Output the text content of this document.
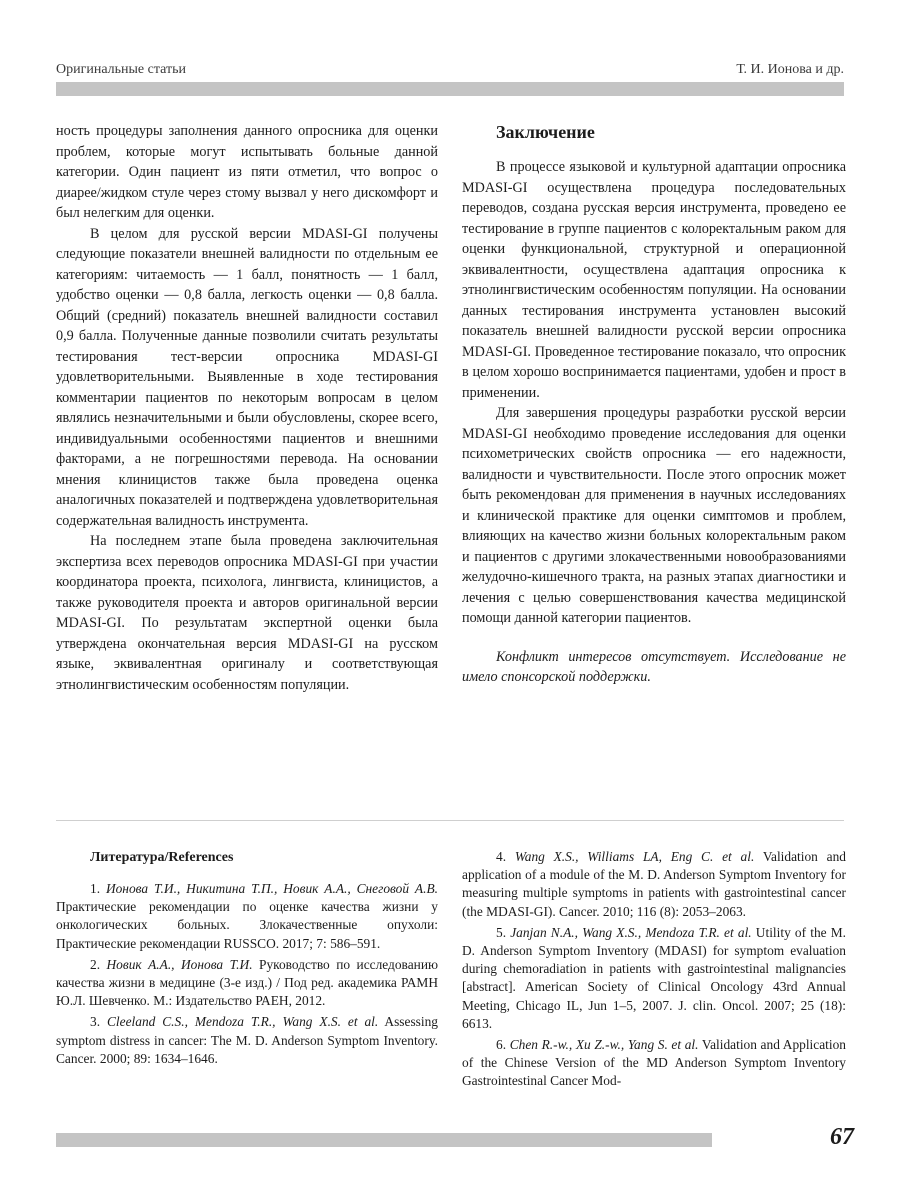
Оригинальные статьи	Т. И. Ионова и др.

ность процедуры заполнения данного опросника для оценки проблем, которые могут испытывать больные данной категории. Один пациент из пяти отметил, что вопрос о диарее/жидком стуле через стому вызвал у него дискомфорт и был нелегким для оценки.

В целом для русской версии MDASI-GI получены следующие показатели внешней валидности по отдельным ее категориям: читаемость — 1 балл, понятность — 1 балл, удобство оценки — 0,8 балла, легкость оценки — 0,8 балла. Общий (средний) показатель внешней валидности составил 0,9 балла. Полученные данные позволили считать результаты тестирования тест-версии опросника MDASI-GI удовлетворительными. Выявленные в ходе тестирования комментарии пациентов по некоторым вопросам в целом являлись незначительными и были обусловлены, скорее всего, индивидуальными особенностями пациентов и внешними факторами, а не погрешностями перевода. На основании мнения клиницистов также была проведена оценка аналогичных показателей и подтверждена удовлетворительная содержательная валидность инструмента.

На последнем этапе была проведена заключительная экспертиза всех переводов опросника MDASI-GI при участии координатора проекта, психолога, лингвиста, клиницистов, а также руководителя проекта и авторов оригинальной версии MDASI-GI. По результатам экспертной оценки была утверждена окончательная версия MDASI-GI на русском языке, эквивалентная оригиналу и соответствующая этнолингвистическим особенностям популяции.

Заключение

В процессе языковой и культурной адаптации опросника MDASI-GI осуществлена процедура последовательных переводов, создана русская версия инструмента, проведено ее тестирование в группе пациентов с колоректальным раком для оценки функциональной, структурной и операционной эквивалентности, осуществлена адаптация опросника к этнолингвистическим особенностям популяции. На основании данных тестирования инструмента установлен высокий показатель внешней валидности русской версии опросника MDASI-GI. Проведенное тестирование показало, что опросник в целом хорошо воспринимается пациентами, удобен и прост в применении.

Для завершения процедуры разработки русской версии MDASI-GI необходимо проведение исследования для оценки психометрических свойств опросника — его надежности, валидности и чувствительности. После этого опросник может быть рекомендован для применения в научных исследованиях и клинической практике для оценки симптомов и проблем, влияющих на качество жизни больных колоректальным раком и пациентов с другими злокачественными новообразованиями желудочно-кишечного тракта, на разных этапах диагностики и лечения с целью совершенствования качества медицинской помощи данной категории пациентов.

Конфликт интересов отсутствует. Исследование не имело спонсорской поддержки.

Литература/References

1. Ионова Т.И., Никитина Т.П., Новик А.А., Снеговой А.В. Практические рекомендации по оценке качества жизни у онкологических больных. Злокачественные опухоли: Практические рекомендации RUSSCO. 2017; 7: 586–591.

2. Новик А.А., Ионова Т.И. Руководство по исследованию качества жизни в медицине (3-е изд.) / Под ред. академика РАМН Ю.Л. Шевченко. М.: Издательство РАЕН, 2012.

3. Cleeland C.S., Mendoza T.R., Wang X.S. et al. Assessing symptom distress in cancer: The M. D. Anderson Symptom Inventory. Cancer. 2000; 89: 1634–1646.

4. Wang X.S., Williams LA, Eng C. et al. Validation and application of a module of the M. D. Anderson Symptom Inventory for measuring multiple symptoms in patients with gastrointestinal cancer (the MDASI-GI). Cancer. 2010; 116 (8): 2053–2063.

5. Janjan N.A., Wang X.S., Mendoza T.R. et al. Utility of the M. D. Anderson Symptom Inventory (MDASI) for symptom evaluation during chemoradiation in patients with gastrointestinal malignancies [abstract]. American Society of Clinical Oncology 43rd Annual Meeting, Chicago IL, Jun 1–5, 2007. J. clin. Oncol. 2007; 25 (18): 6613.

6. Chen R.-w., Xu Z.-w., Yang S. et al. Validation and Application of the Chinese Version of the MD Anderson Symptom Inventory Gastrointestinal Cancer Mod-

67
